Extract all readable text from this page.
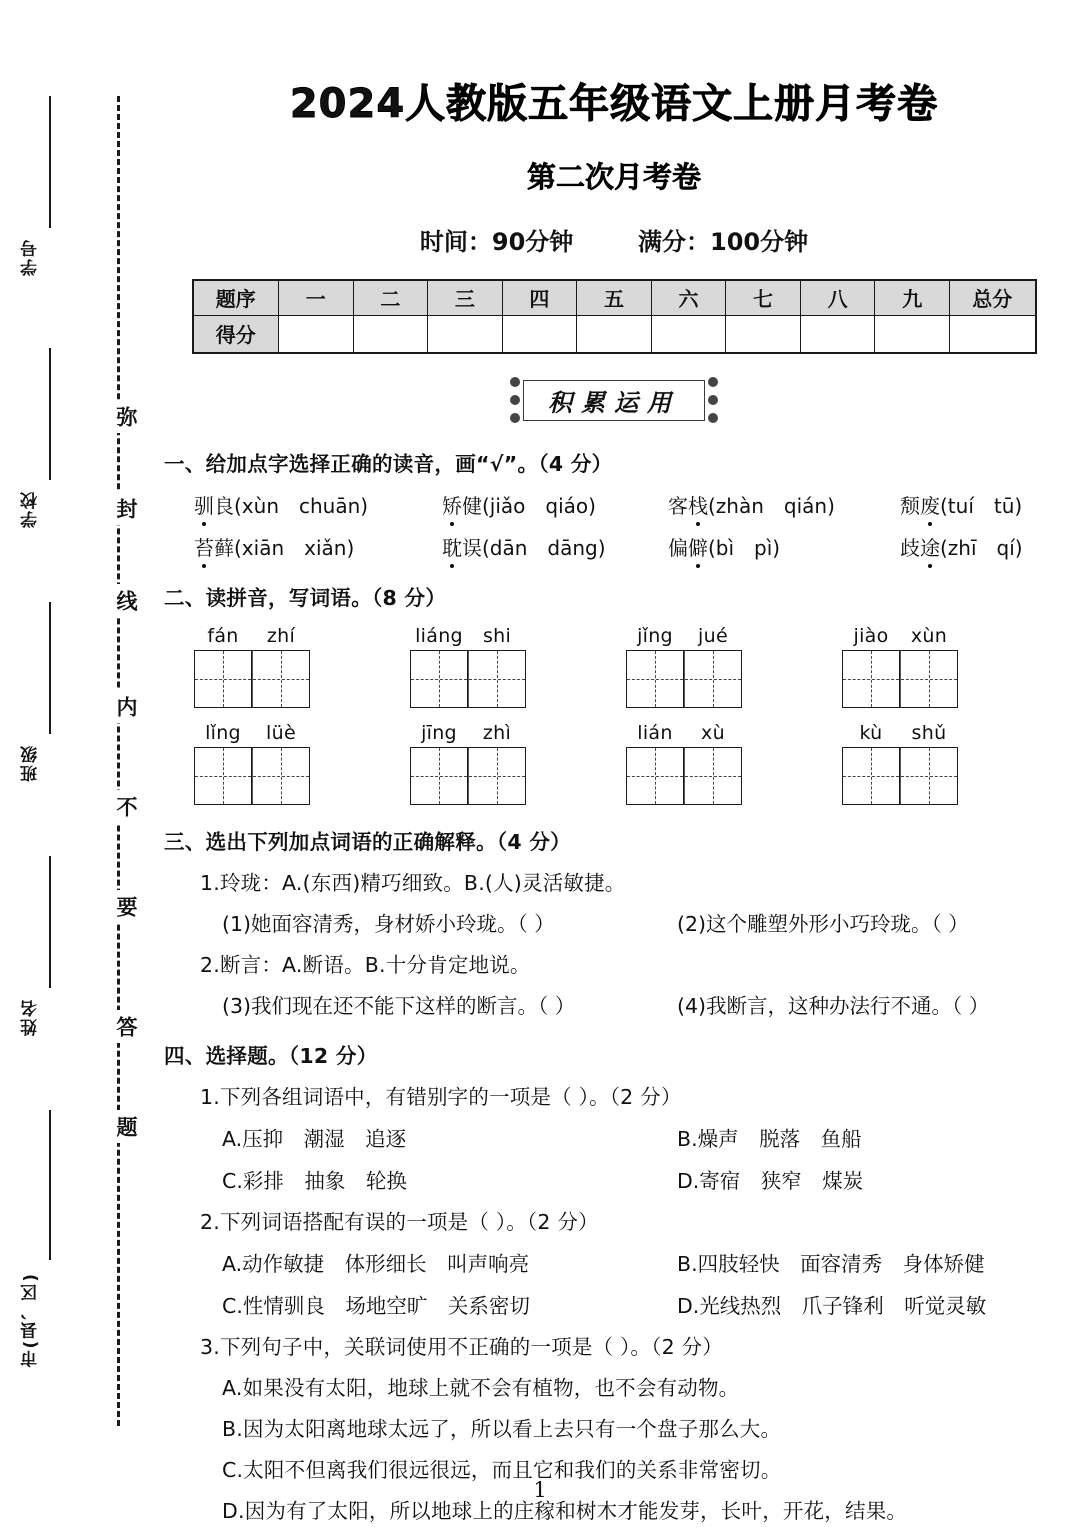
学号
学校
班级
姓名
市(县、区)
弥
封
线
内
不
要
答
题
2024人教版五年级语文上册月考卷
第二次月考卷
时间：90分钟	满分：100分钟
题序	一	二	三	四	五	六	七	八	九	总分
得分										
积累运用
一、给加点字选择正确的读音，画“√”。（4 分）
驯良(xùn　chuān)	矫健(jiǎo　qiáo)	客栈(zhàn　qián)	颓废(tuí　tū)
苔藓(xiān　xiǎn)	耽误(dān　dāng)	偏僻(bì　pì)	歧途(zhī　qí)
二、读拼音，写词语。（8 分）
fán	zhí	liáng	shi	jǐng	jué	jiào	xùn
lǐng	lüè	jīng	zhì	lián	xù	kù	shǔ
三、选出下列加点词语的正确解释。（4 分）
1.玲珑：A.(东西)精巧细致。B.(人)灵活敏捷。
(1)她面容清秀，身材娇小玲珑。（ ）	(2)这个雕塑外形小巧玲珑。（ ）
2.断言：A.断语。B.十分肯定地说。
(3)我们现在还不能下这样的断言。（ ）	(4)我断言，这种办法行不通。（ ）
四、选择题。（12 分）
1.下列各组词语中，有错别字的一项是（ ）。（2 分）
A.压抑　潮湿　追逐	B.燥声　脱落　鱼船
C.彩排　抽象　轮换	D.寄宿　狭窄　煤炭
2.下列词语搭配有误的一项是（ ）。（2 分）
A.动作敏捷　体形细长　叫声响亮	B.四肢轻快　面容清秀　身体矫健
C.性情驯良　场地空旷　关系密切	D.光线热烈　爪子锋利　听觉灵敏
3.下列句子中，关联词使用不正确的一项是（ ）。（2 分）
A.如果没有太阳，地球上就不会有植物，也不会有动物。
B.因为太阳离地球太远了，所以看上去只有一个盘子那么大。
C.太阳不但离我们很远很远，而且它和我们的关系非常密切。
D.因为有了太阳，所以地球上的庄稼和树木才能发芽，长叶，开花，结果。
1
